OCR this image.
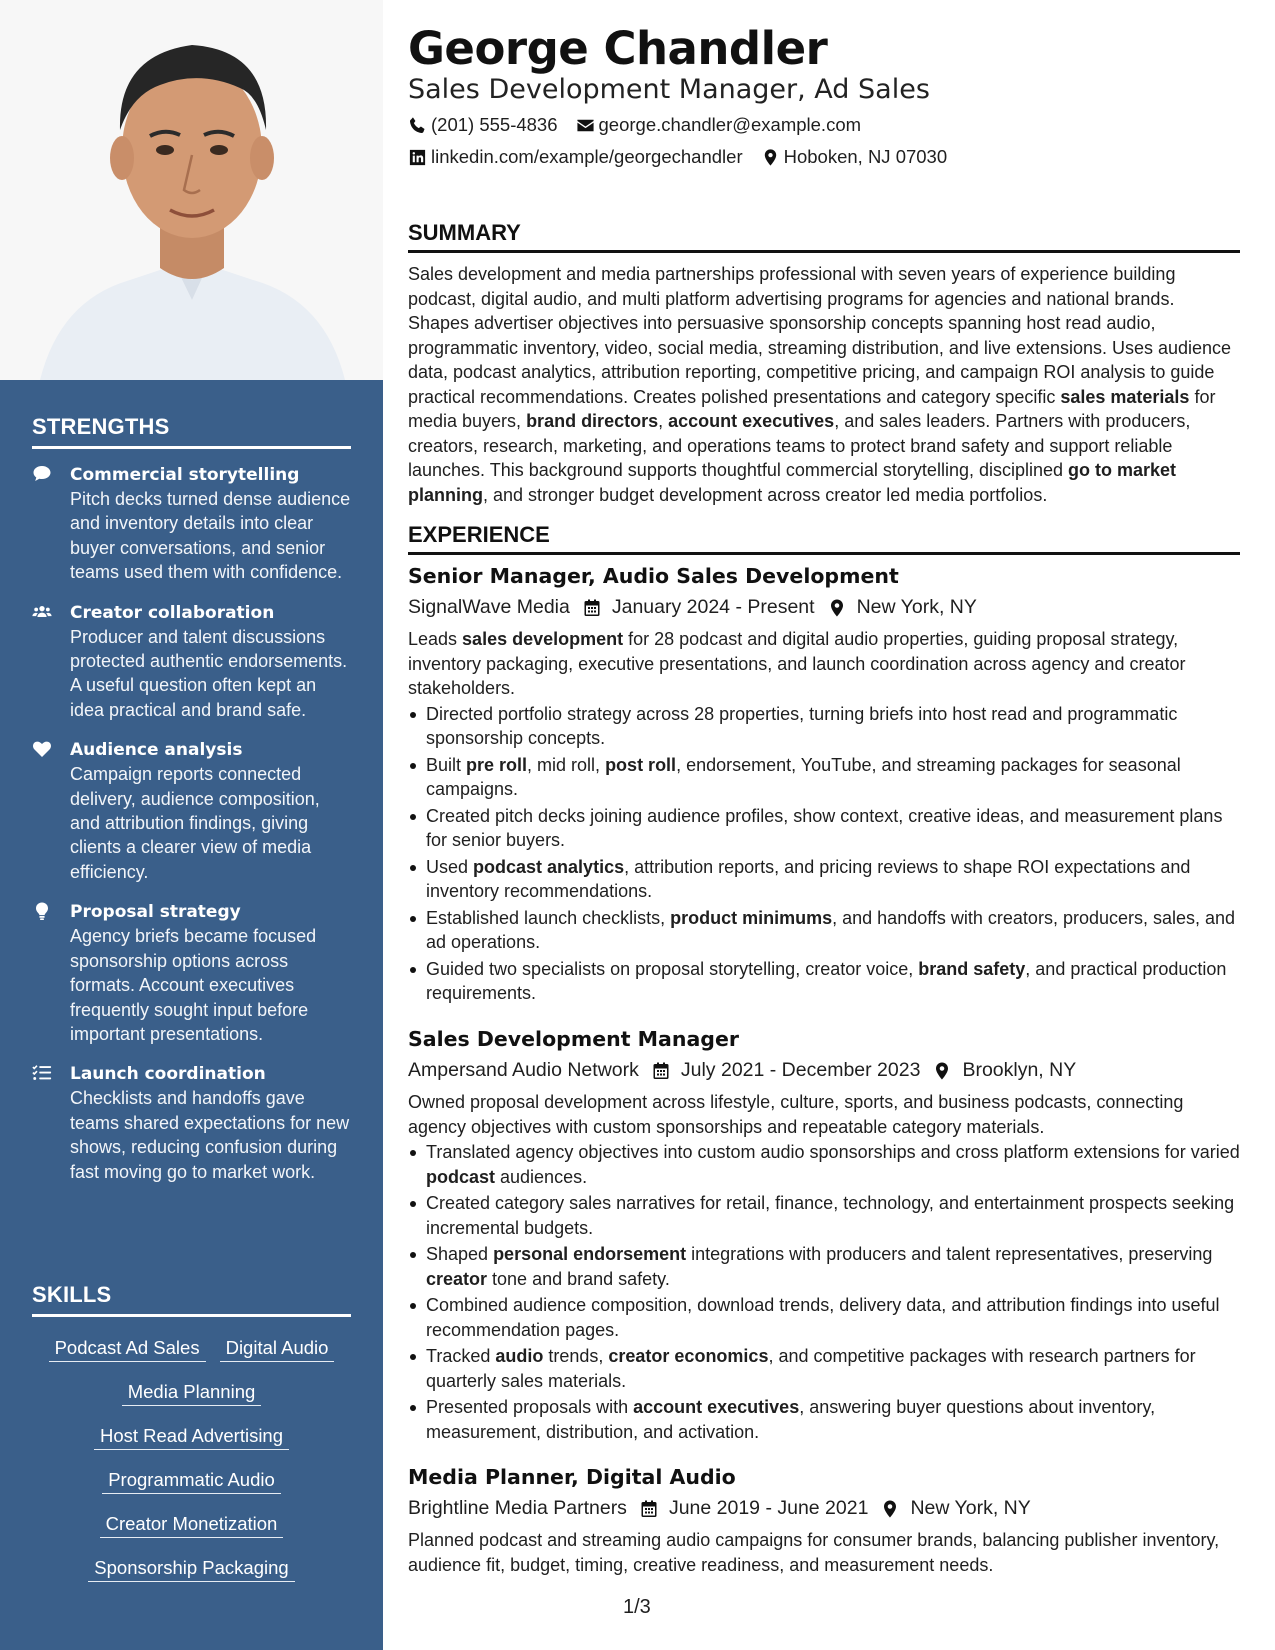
STRENGTHS
Commercial storytelling
Pitch decks turned dense audience and inventory details into clear buyer conversations, and senior teams used them with confidence.
Creator collaboration
Producer and talent discussions protected authentic endorsements. A useful question often kept an idea practical and brand safe.
Audience analysis
Campaign reports connected delivery, audience composition, and attribution findings, giving clients a clearer view of media efficiency.
Proposal strategy
Agency briefs became focused sponsorship options across formats. Account executives frequently sought input before important presentations.
Launch coordination
Checklists and handoffs gave teams shared expectations for new shows, reducing confusion during fast moving go to market work.
SKILLS
Podcast Ad Sales	Digital Audio
Media Planning
Host Read Advertising
Programmatic Audio
Creator Monetization
Sponsorship Packaging
George Chandler
Sales Development Manager, Ad Sales
(201) 555-4836 george.chandler@example.com
linkedin.com/example/georgechandler Hoboken, NJ 07030
SUMMARY
Sales development and media partnerships professional with seven years of experience building podcast, digital audio, and multi platform advertising programs for agencies and national brands. Shapes advertiser objectives into persuasive sponsorship concepts spanning host read audio, programmatic inventory, video, social media, streaming distribution, and live extensions. Uses audience data, podcast analytics, attribution reporting, competitive pricing, and campaign ROI analysis to guide practical recommendations. Creates polished presentations and category specific sales materials for media buyers, brand directors, account executives, and sales leaders. Partners with producers, creators, research, marketing, and operations teams to protect brand safety and support reliable launches. This background supports thoughtful commercial storytelling, disciplined go to market planning, and stronger budget development across creator led media portfolios.
EXPERIENCE
Senior Manager, Audio Sales Development
SignalWave Media January 2024 - Present New York, NY
Leads sales development for 28 podcast and digital audio properties, guiding proposal strategy, inventory packaging, executive presentations, and launch coordination across agency and creator stakeholders.
Directed portfolio strategy across 28 properties, turning briefs into host read and programmatic sponsorship concepts.
Built pre roll, mid roll, post roll, endorsement, YouTube, and streaming packages for seasonal campaigns.
Created pitch decks joining audience profiles, show context, creative ideas, and measurement plans for senior buyers.
Used podcast analytics, attribution reports, and pricing reviews to shape ROI expectations and inventory recommendations.
Established launch checklists, product minimums, and handoffs with creators, producers, sales, and ad operations.
Guided two specialists on proposal storytelling, creator voice, brand safety, and practical production requirements.
Sales Development Manager
Ampersand Audio Network July 2021 - December 2023 Brooklyn, NY
Owned proposal development across lifestyle, culture, sports, and business podcasts, connecting agency objectives with custom sponsorships and repeatable category materials.
Translated agency objectives into custom audio sponsorships and cross platform extensions for varied podcast audiences.
Created category sales narratives for retail, finance, technology, and entertainment prospects seeking incremental budgets.
Shaped personal endorsement integrations with producers and talent representatives, preserving creator tone and brand safety.
Combined audience composition, download trends, delivery data, and attribution findings into useful recommendation pages.
Tracked audio trends, creator economics, and competitive packages with research partners for quarterly sales materials.
Presented proposals with account executives, answering buyer questions about inventory, measurement, distribution, and activation.
Media Planner, Digital Audio
Brightline Media Partners June 2019 - June 2021 New York, NY
Planned podcast and streaming audio campaigns for consumer brands, balancing publisher inventory, audience fit, budget, timing, creative readiness, and measurement needs.
1/3
